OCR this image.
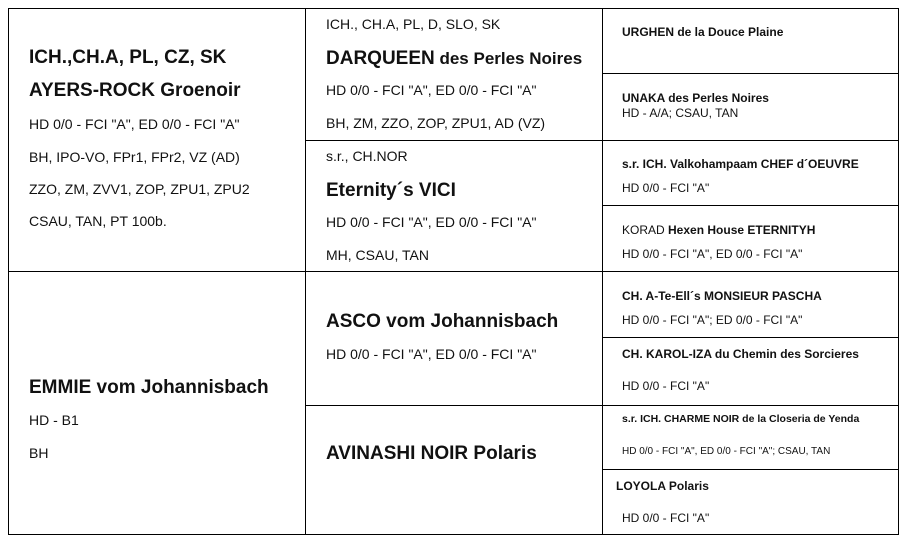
ICH.,CH.A, PL, CZ, SK
AYERS-ROCK Groenoir
HD 0/0 - FCI "A", ED 0/0 - FCI "A"
BH, IPO-VO, FPr1, FPr2, VZ (AD)
ZZO, ZM, ZVV1, ZOP, ZPU1, ZPU2
CSAU, TAN, PT 100b.
EMMIE vom Johannisbach
HD - B1
BH
ICH., CH.A, PL, D, SLO, SK
DARQUEEN des Perles Noires
HD 0/0 - FCI "A", ED 0/0 - FCI "A"
BH, ZM, ZZO, ZOP, ZPU1, AD (VZ)
s.r., CH.NOR
Eternity´s VICI
HD 0/0 - FCI "A", ED 0/0 - FCI "A"
MH, CSAU, TAN
ASCO vom Johannisbach
HD 0/0 - FCI "A", ED 0/0 - FCI "A"
AVINASHI NOIR Polaris
URGHEN de la Douce Plaine
UNAKA des Perles Noires
HD - A/A; CSAU, TAN
s.r. ICH. Valkohampaam CHEF d´OEUVRE
HD 0/0 - FCI "A"
KORAD Hexen House ETERNITYH
HD 0/0 - FCI "A", ED 0/0 - FCI "A"
CH. A-Te-Ell´s MONSIEUR PASCHA
HD 0/0 - FCI "A"; ED 0/0 - FCI "A"
CH. KAROL-IZA du Chemin des Sorcieres
HD 0/0 - FCI "A"
s.r. ICH. CHARME NOIR de la Closeria de Yenda
HD 0/0 - FCI "A", ED 0/0 - FCI "A"; CSAU, TAN
LOYOLA Polaris
HD 0/0 - FCI "A"
